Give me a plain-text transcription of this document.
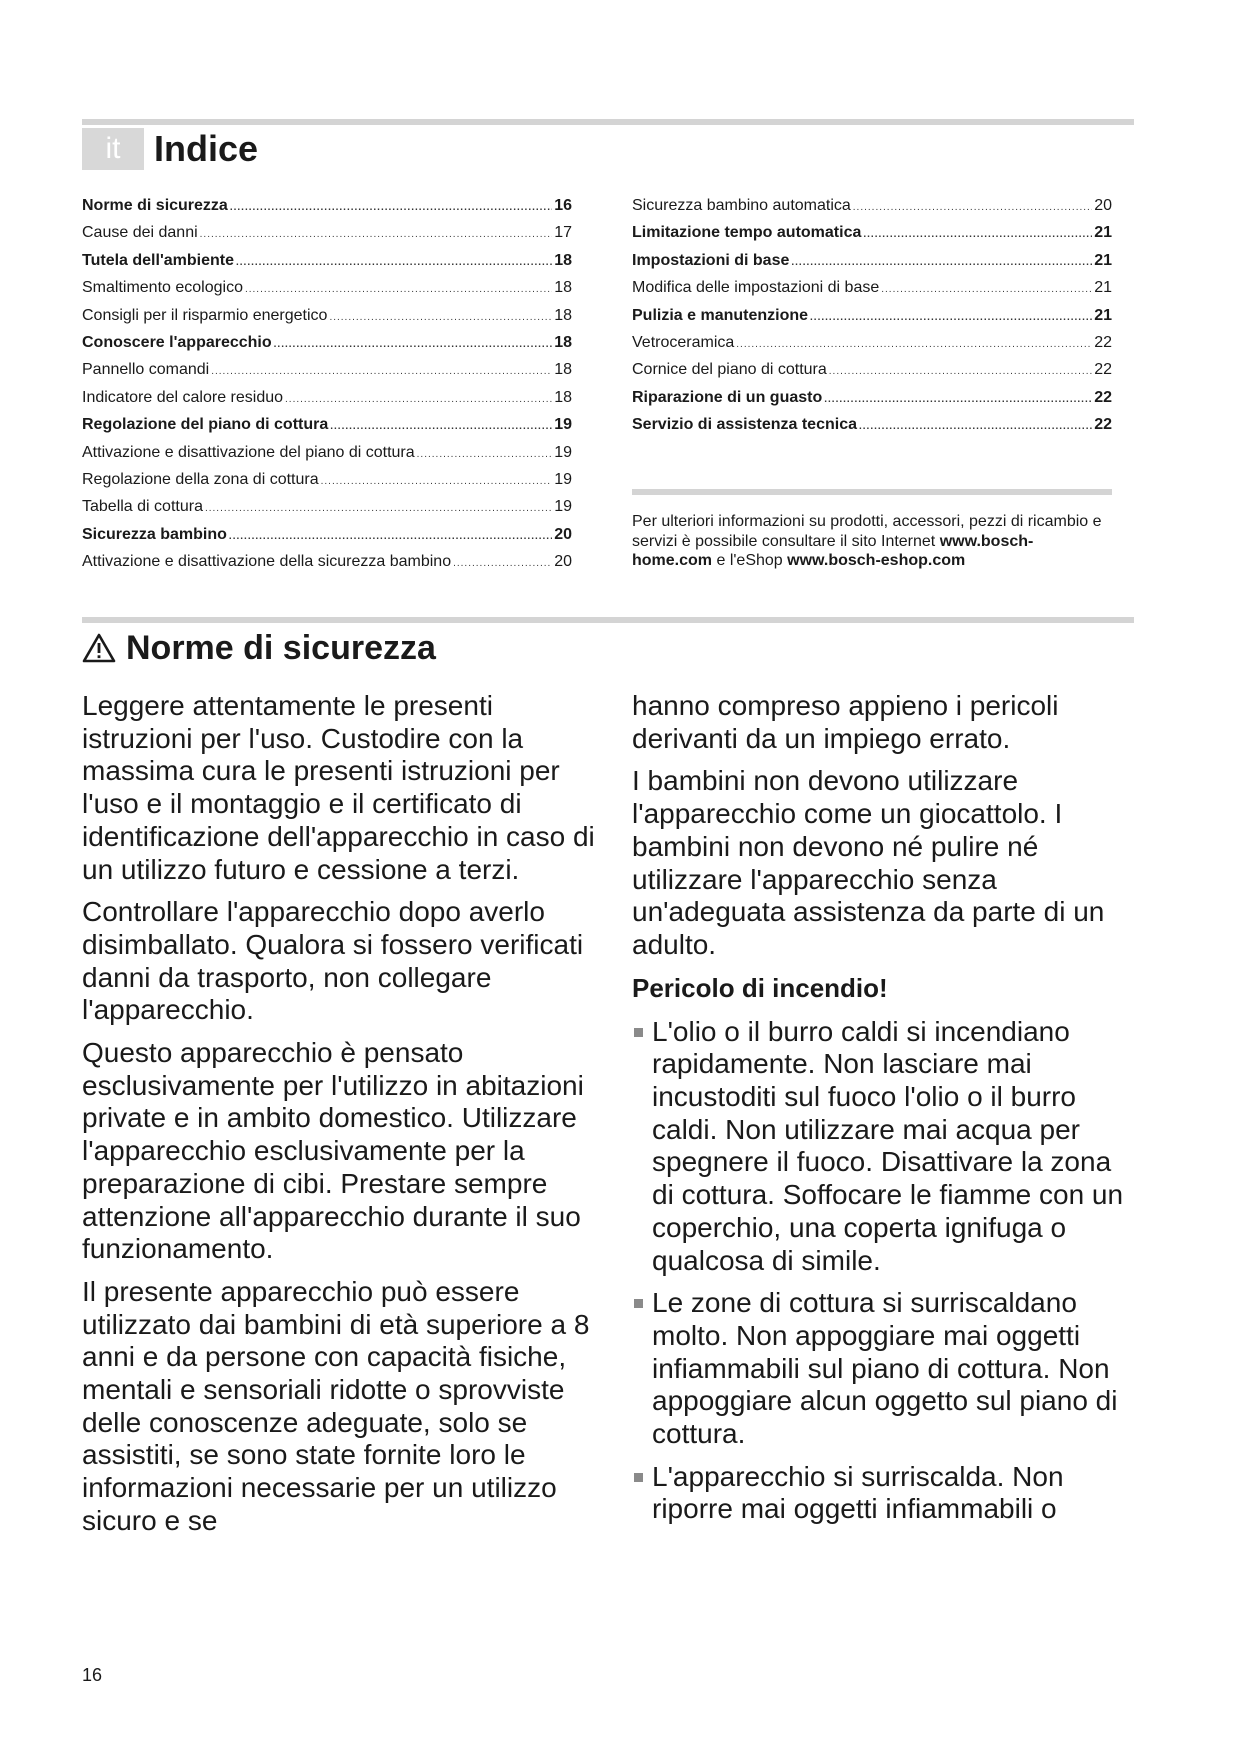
it Indice
Norme di sicurezza .....	16
Cause dei danni .....	17
Tutela dell'ambiente .....	18
Smaltimento ecologico .....	18
Consigli per il risparmio energetico .....	18
Conoscere l'apparecchio .....	18
Pannello comandi .....	18
Indicatore del calore residuo .....	18
Regolazione del piano di cottura .....	19
Attivazione e disattivazione del piano di cottura .....	19
Regolazione della zona di cottura .....	19
Tabella di cottura .....	19
Sicurezza bambino .....	20
Attivazione e disattivazione della sicurezza bambino .....	20
Sicurezza bambino automatica .....	20
Limitazione tempo automatica .....	21
Impostazioni di base .....	21
Modifica delle impostazioni di base .....	21
Pulizia e manutenzione .....	21
Vetroceramica .....	22
Cornice del piano di cottura .....	22
Riparazione di un guasto .....	22
Servizio di assistenza tecnica .....	22
Per ulteriori informazioni su prodotti, accessori, pezzi di ricambio e servizi è possibile consultare il sito Internet www.bosch-home.com e l'eShop www.bosch-eshop.com
Norme di sicurezza

Leggere attentamente le presenti istruzioni per l'uso. Custodire con la massima cura le presenti istruzioni per l'uso e il montaggio e il certificato di identificazione dell'apparecchio in caso di un utilizzo futuro e cessione a terzi.

Controllare l'apparecchio dopo averlo disimballato. Qualora si fossero verificati danni da trasporto, non collegare l'apparecchio.

Questo apparecchio è pensato esclusivamente per l'utilizzo in abitazioni private e in ambito domestico. Utilizzare l'apparecchio esclusivamente per la preparazione di cibi. Prestare sempre attenzione all'apparecchio durante il suo funzionamento.

Il presente apparecchio può essere utilizzato dai bambini di età superiore a 8 anni e da persone con capacità fisiche, mentali e sensoriali ridotte o sprovviste delle conoscenze adeguate, solo se assistiti, se sono state fornite loro le informazioni necessarie per un utilizzo sicuro e se

hanno compreso appieno i pericoli derivanti da un impiego errato.

I bambini non devono utilizzare l'apparecchio come un giocattolo. I bambini non devono né pulire né utilizzare l'apparecchio senza un'adeguata assistenza da parte di un adulto.

Pericolo di incendio!

L'olio o il burro caldi si incendiano rapidamente. Non lasciare mai incustoditi sul fuoco l'olio o il burro caldi. Non utilizzare mai acqua per spegnere il fuoco. Disattivare la zona di cottura. Soffocare le fiamme con un coperchio, una coperta ignifuga o qualcosa di simile.

Le zone di cottura si surriscaldano molto. Non appoggiare mai oggetti infiammabili sul piano di cottura. Non appoggiare alcun oggetto sul piano di cottura.

L'apparecchio si surriscalda. Non riporre mai oggetti infiammabili o

16
